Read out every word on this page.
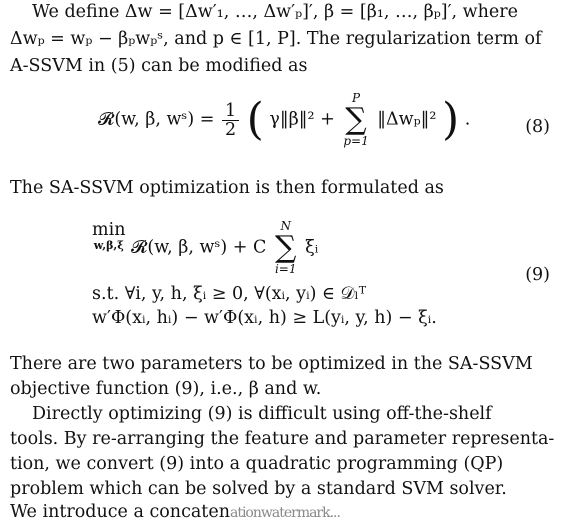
We define Δw = [Δw′₁, …, Δw′ₚ]′, β = [β₁, …, βₚ]′, where
Δwₚ = wₚ − βₚwₚˢ, and p ∈ [1, P]. The regularization term of
A-SSVM in (5) can be modified as
𝓡(w, β, wˢ) = $\frac{1}{2}$ ( γ‖β‖² +
P
∑
p=1
‖Δwₚ‖² ) .	(8)
The SA-SSVM optimization is then formulated as
min
w,β,ξ 𝓡(w, β, wˢ) + C
N
∑
i=1
ξᵢ
s.t. ∀i, y, h, ξᵢ ≥ 0, ∀(xᵢ, yᵢ) ∈ 𝒟ₗᵀ
w′Φ(xᵢ, hᵢ) − w′Φ(xᵢ, h) ≥ L(yᵢ, y, h) − ξᵢ.
(9)
There are two parameters to be optimized in the SA-SSVM
objective function (9), i.e., β and w.
Directly optimizing (9) is difficult using off-the-shelf
tools. By re-arranging the feature and parameter representa-
tion, we convert (9) into a quadratic programming (QP)
problem which can be solved by a standard SVM solver.
We introduce a concatenationwatermark...
